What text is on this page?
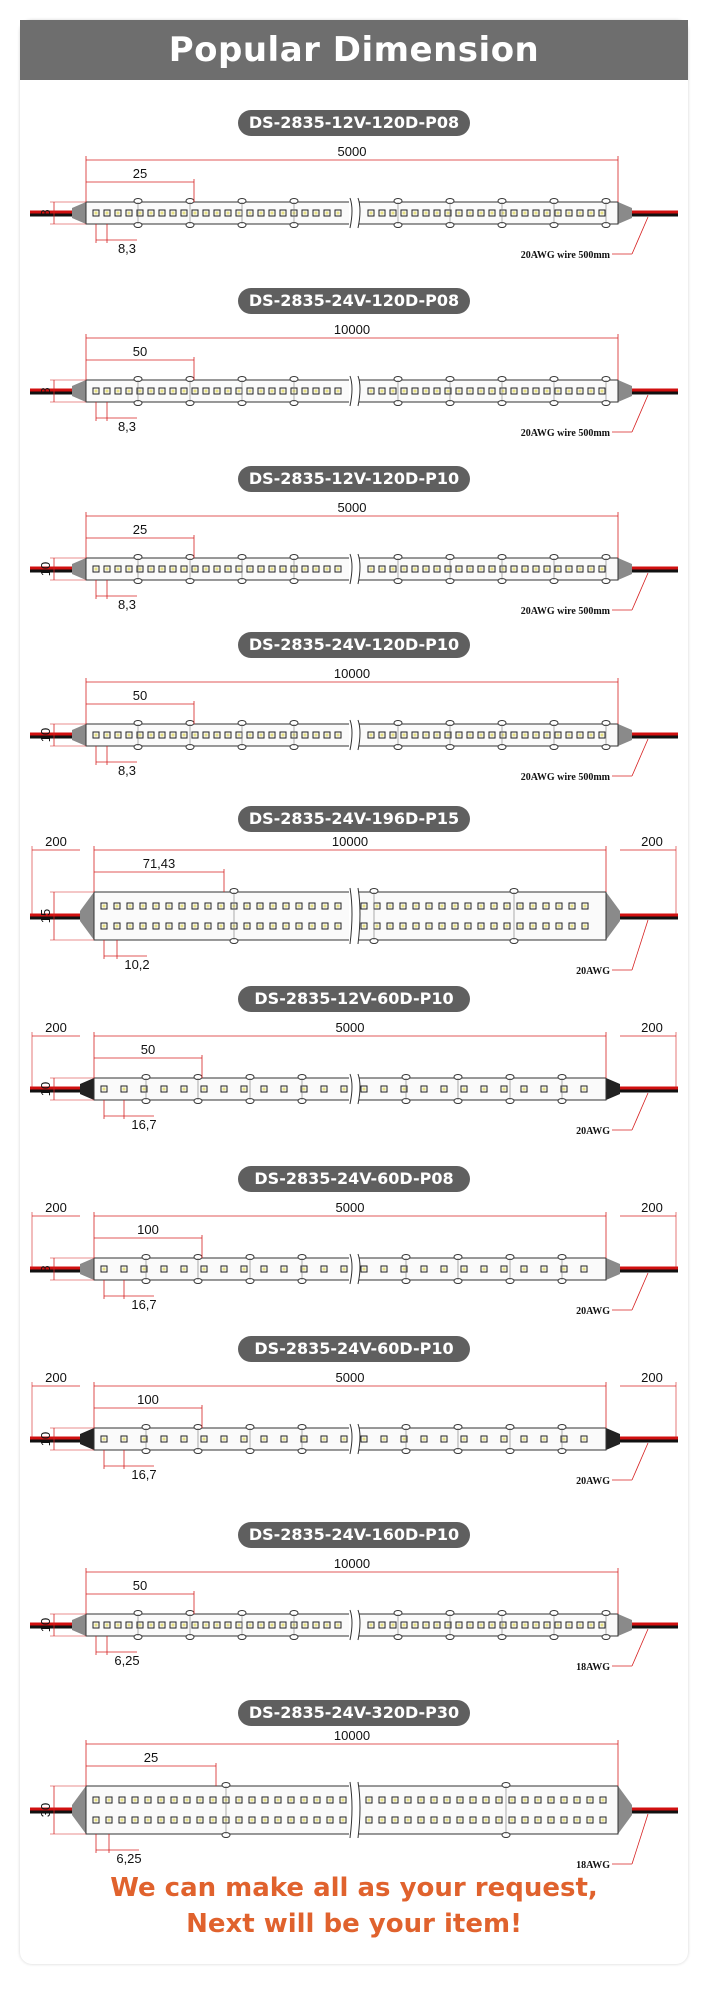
Popular Dimension
DS-2835-12V-120D-P08
5000
25
8
8,3	20AWG wire 500mm
DS-2835-24V-120D-P08
10000
50
8
8,3	20AWG wire 500mm
DS-2835-12V-120D-P10
5000
25
10
8,3	20AWG wire 500mm
DS-2835-24V-120D-P10
10000
50
10
8,3	20AWG wire 500mm
DS-2835-24V-196D-P15
10000
71,43
15
10,2
200	200
20AWG
DS-2835-12V-60D-P10
5000
50
10
16,7
200	200
20AWG
DS-2835-24V-60D-P08
5000
100
8
16,7
200	200
20AWG
DS-2835-24V-60D-P10
5000
100
10
16,7
200	200
20AWG
DS-2835-24V-160D-P10
10000
50
10
6,25	18AWG
DS-2835-24V-320D-P30
10000
25
30
6,25	18AWG
We can make all as your request,
Next will be your item!
